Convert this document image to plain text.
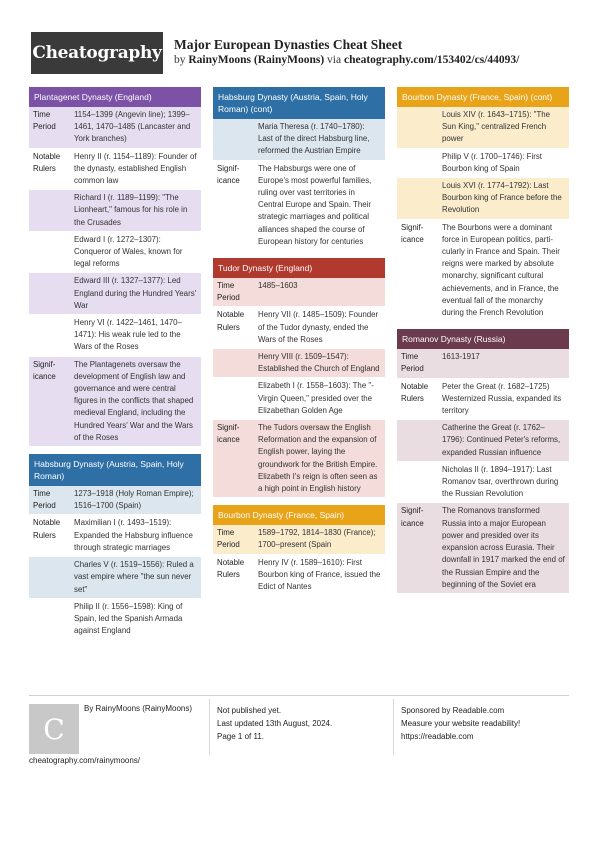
Cheatography Major European Dynasties Cheat Sheet
by RainyMoons (RainyMoons) via cheatography.com/153402/cs/44093/
Plantagenet Dynasty (England)
Time Period
1154–1399 (Angevin line); 1399–1461, 1470–1485 (Lancaster and York branches)
Notable Rulers
Henry II (r. 1154–1189): Founder of the dynasty, established English common law
Richard I (r. 1189–1199): "The Lionheart," famous for his role in the Crusades
Edward I (r. 1272–1307): Conqueror of Wales, known for legal reforms
Edward III (r. 1327–1377): Led England during the Hundred Years' War
Henry VI (r. 1422–1461, 1470–1471): His weak rule led to the Wars of the Roses
Significance
The Plantagenets oversaw the development of English law and governance and were central figures in the conflicts that shaped medieval England, including the Hundred Years' War and the Wars of the Roses
Habsburg Dynasty (Austria, Spain, Holy Roman)
Time Period
1273–1918 (Holy Roman Empire); 1516–1700 (Spain)
Notable Rulers
Maximilian I (r. 1493–1519): Expanded the Habsburg influence through strategic marriages
Charles V (r. 1519–1556): Ruled a vast empire where "the sun never set"
Philip II (r. 1556–1598): King of Spain, led the Spanish Armada against England
Habsburg Dynasty (Austria, Spain, Holy Roman) (cont)
Maria Theresa (r. 1740–1780): Last of the direct Habsburg line, reformed the Austrian Empire
Significance
The Habsburgs were one of Europe's most powerful families, ruling over vast territories in Central Europe and Spain. Their strategic marriages and political alliances shaped the course of European history for centuries
Tudor Dynasty (England)
Time Period
1485–1603
Notable Rulers
Henry VII (r. 1485–1509): Founder of the Tudor dynasty, ended the Wars of the Roses
Henry VIII (r. 1509–1547): Established the Church of England
Elizabeth I (r. 1558–1603): The "- Virgin Queen," presided over the Elizabethan Golden Age
Significance
The Tudors oversaw the English Reformation and the expansion of English power, laying the groundwork for the British Empire. Elizabeth I's reign is often seen as a high point in English history
Bourbon Dynasty (France, Spain)
Time Period
1589–1792, 1814–1830 (France); 1700–present (Spain
Notable Rulers
Henry IV (r. 1589–1610): First Bourbon king of France, issued the Edict of Nantes
Bourbon Dynasty (France, Spain) (cont)
Louis XIV (r. 1643–1715): "The Sun King," centralized French power
Philip V (r. 1700–1746): First Bourbon king of Spain
Louis XVI (r. 1774–1792): Last Bourbon king of France before the Revolution
Significance
The Bourbons were a dominant force in European politics, particularly in France and Spain. Their reigns were marked by absolute monarchy, significant cultural achievements, and in France, the eventual fall of the monarchy during the French Revolution
Romanov Dynasty (Russia)
Time Period
1613-1917
Notable Rulers
Peter the Great (r. 1682–1725) Westernized Russia, expanded its territory
Catherine the Great (r. 1762–1796): Continued Peter's reforms, expanded Russian influence
Nicholas II (r. 1894–1917): Last Romanov tsar, overthrown during the Russian Revolution
Significance
The Romanovs transformed Russia into a major European power and presided over its expansion across Eurasia. Their downfall in 1917 marked the end of the Russian Empire and the beginning of the Soviet era
C
By RainyMoons (RainyMoons)
cheatography.com/rainymoons/
Not published yet.
Last updated 13th August, 2024.
Page 1 of 11.
Sponsored by Readable.com
Measure your website readability!
https://readable.com
